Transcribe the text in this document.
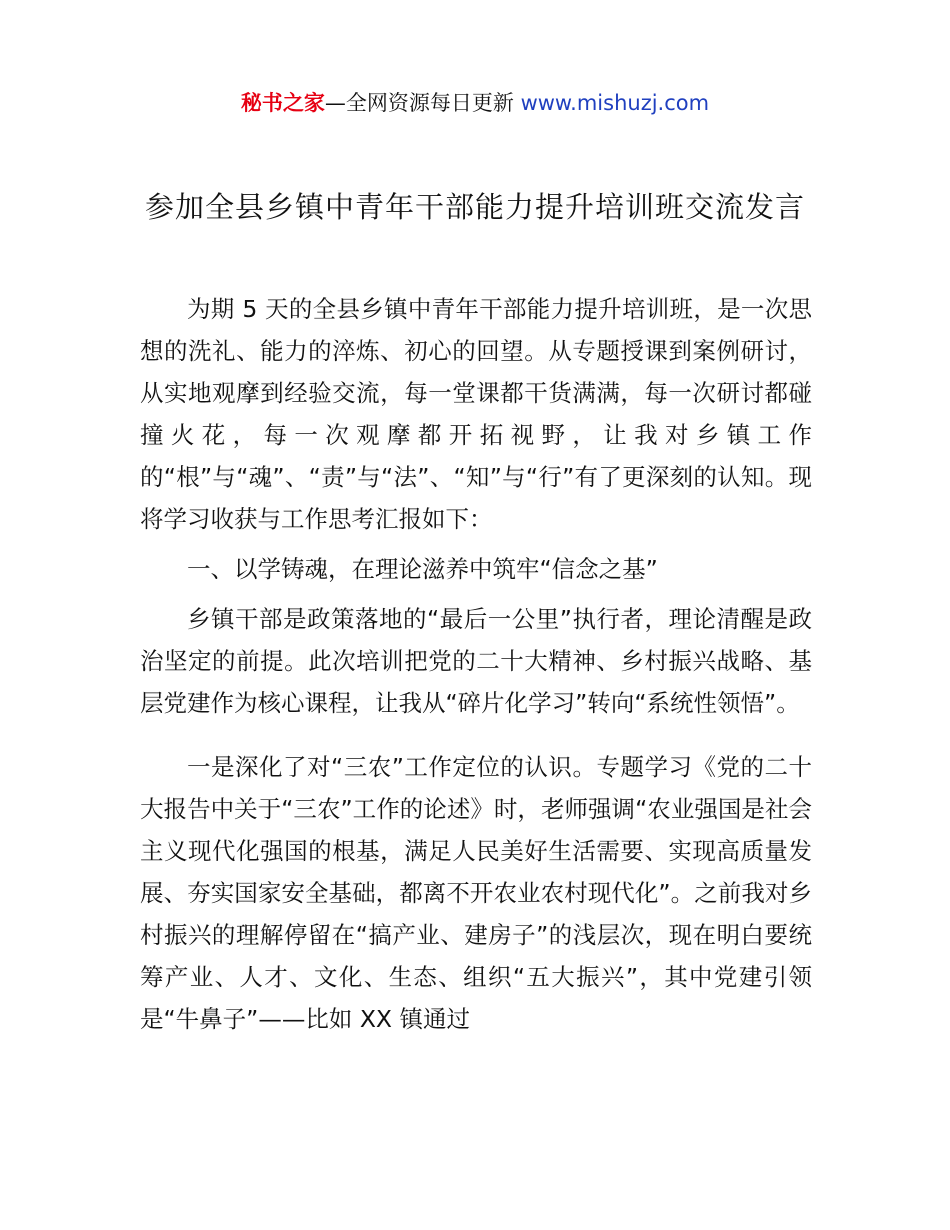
秘书之家—全网资源每日更新 www.mishuzj.com
参加全县乡镇中青年干部能力提升培训班交流发言

为期 5 天的全县乡镇中青年干部能力提升培训班，是一次思想的洗礼、能力的淬炼、初心的回望。从专题授课到案例研讨，从实地观摩到经验交流，每一堂课都干货满满，每一次研讨都碰撞火花，每一次观摩都开拓视野，让我对乡镇工作的“根”与“魂”、“责”与“法”、“知”与“行”有了更深刻的认知。现将学习收获与工作思考汇报如下：

一、以学铸魂，在理论滋养中筑牢“信念之基”

乡镇干部是政策落地的“最后一公里”执行者，理论清醒是政治坚定的前提。此次培训把党的二十大精神、乡村振兴战略、基层党建作为核心课程，让我从“碎片化学习”转向“系统性领悟”。

一是深化了对“三农”工作定位的认识。专题学习《党的二十大报告中关于“三农”工作的论述》时，老师强调“农业强国是社会主义现代化强国的根基，满足人民美好生活需要、实现高质量发展、夯实国家安全基础，都离不开农业农村现代化”。之前我对乡村振兴的理解停留在“搞产业、建房子”的浅层次，现在明白要统筹产业、人才、文化、生态、组织“五大振兴”，其中党建引领是“牛鼻子”——比如 XX 镇通过
